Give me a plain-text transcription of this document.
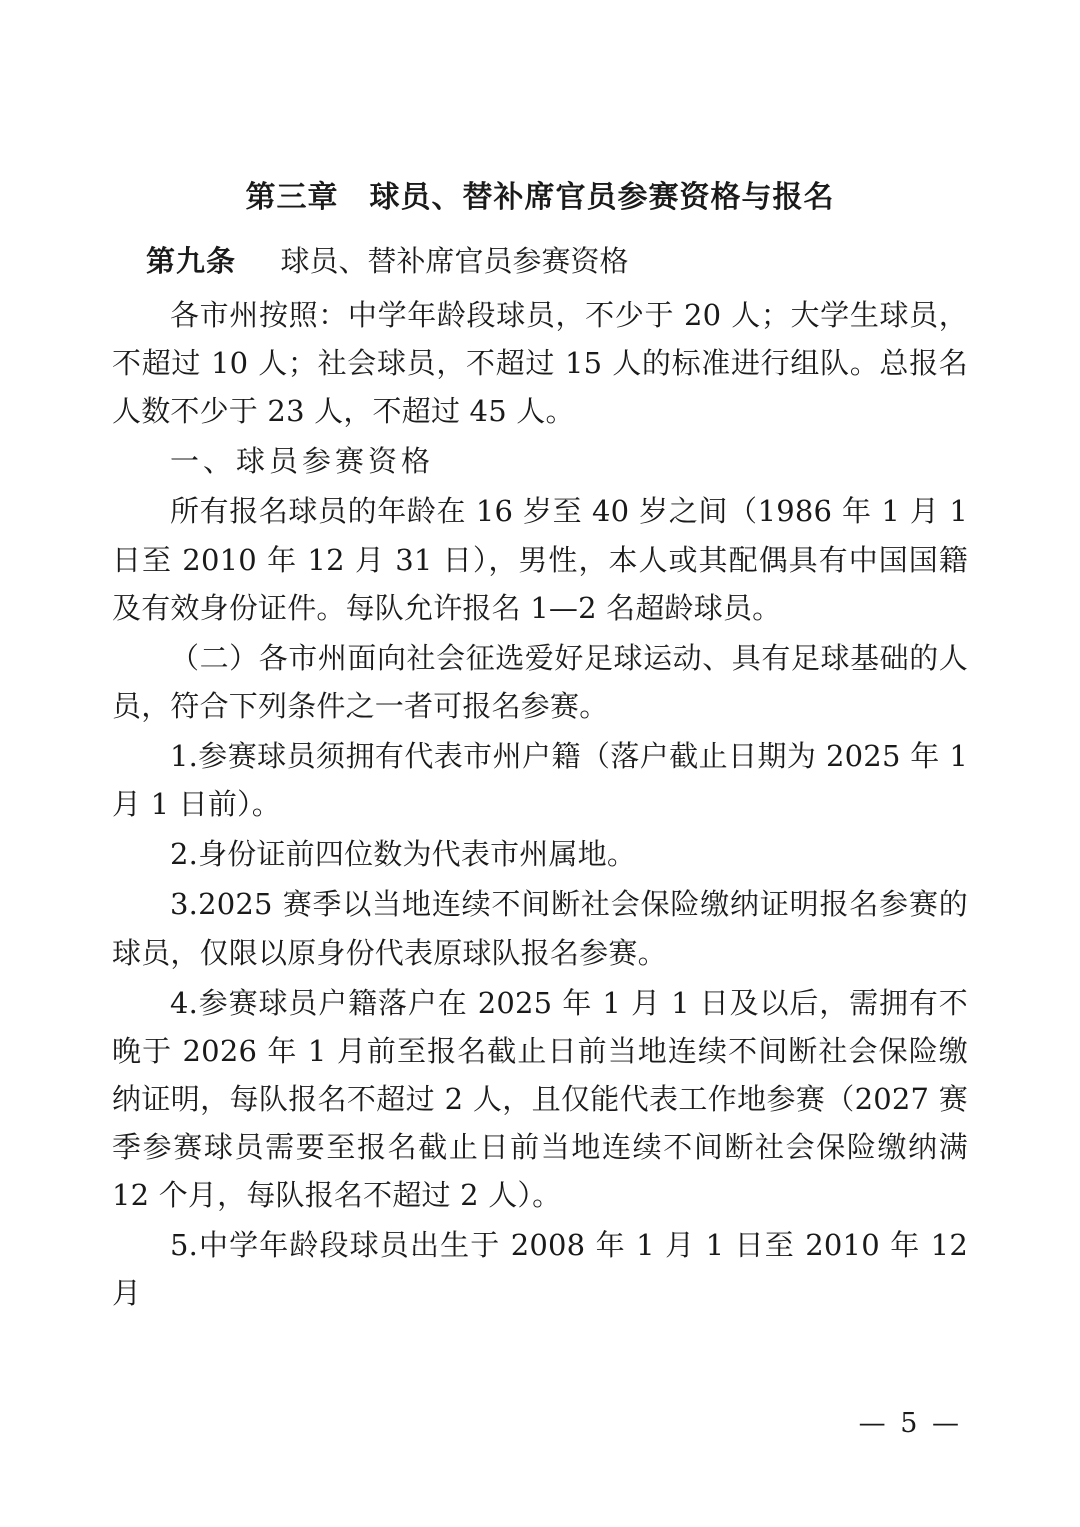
第三章　球员、替补席官员参赛资格与报名

第九条 球员、替补席官员参赛资格

各市州按照：中学年龄段球员，不少于 20 人；大学生球员，不超过 10 人；社会球员，不超过 15 人的标准进行组队。总报名人数不少于 23 人，不超过 45 人。

一、球员参赛资格

所有报名球员的年龄在 16 岁至 40 岁之间（1986 年 1 月 1 日至 2010 年 12 月 31 日），男性，本人或其配偶具有中国国籍及有效身份证件。每队允许报名 1—2 名超龄球员。

（二）各市州面向社会征选爱好足球运动、具有足球基础的人员，符合下列条件之一者可报名参赛。

1.参赛球员须拥有代表市州户籍（落户截止日期为 2025 年 1 月 1 日前）。

2.身份证前四位数为代表市州属地。

3.2025 赛季以当地连续不间断社会保险缴纳证明报名参赛的球员，仅限以原身份代表原球队报名参赛。

4.参赛球员户籍落户在 2025 年 1 月 1 日及以后，需拥有不晚于 2026 年 1 月前至报名截止日前当地连续不间断社会保险缴纳证明，每队报名不超过 2 人，且仅能代表工作地参赛（2027 赛季参赛球员需要至报名截止日前当地连续不间断社会保险缴纳满 12 个月，每队报名不超过 2 人）。

5.中学年龄段球员出生于 2008 年 1 月 1 日至 2010 年 12 月

— 5 —
